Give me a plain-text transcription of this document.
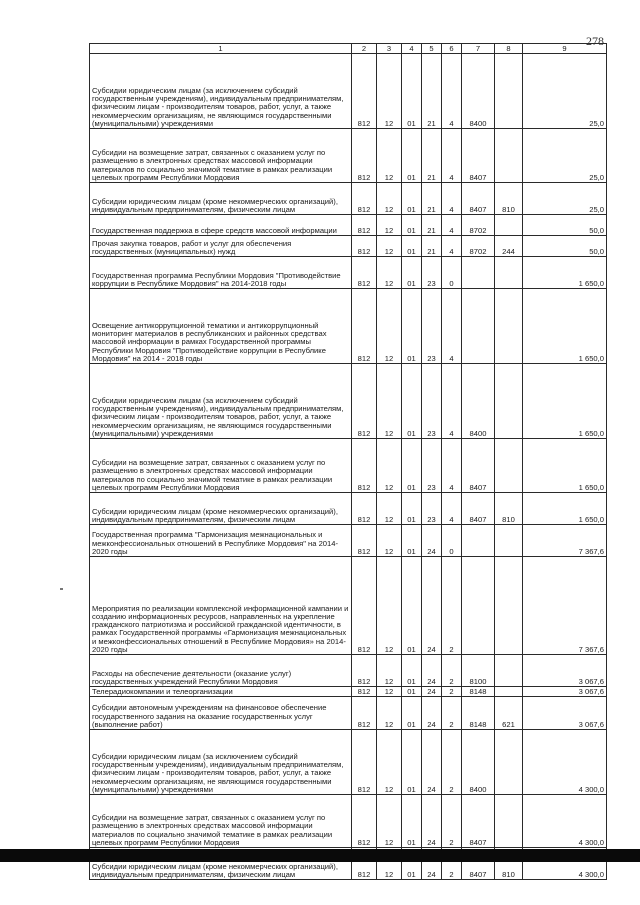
278
1	2	3	4	5	6	7	8	9
Субсидии юридическим лицам (за исключением субсидий государственным учреждениям), индивидуальным предпринимателям, физическим лицам - производителям товаров, работ, услуг, а также некоммерческим организациям, не являющимся государственными (муниципальными) учреждениями	812	12	01	21	4	8400		25,0
Субсидии на возмещение затрат, связанных с оказанием услуг по размещению в электронных средствах массовой информации материалов по социально значимой тематике в рамках реализации целевых программ Республики Мордовия	812	12	01	21	4	8407		25,0
Субсидии юридическим лицам (кроме некоммерческих организаций), индивидуальным предпринимателям, физическим лицам	812	12	01	21	4	8407	810	25,0
Государственная поддержка в сфере средств массовой информации	812	12	01	21	4	8702		50,0
Прочая закупка товаров, работ и услуг для обеспечения государственных (муниципальных) нужд	812	12	01	21	4	8702	244	50,0
Государственная программа Республики Мордовия "Противодействие коррупции в Республике Мордовия" на 2014-2018 годы	812	12	01	23	0			1 650,0
Освещение антикоррупционной тематики и антикоррупционный мониторинг материалов в республиканских и районных средствах массовой информации в рамках Государственной программы Республики Мордовия "Противодействие коррупции в Республике Мордовия" на 2014 - 2018 годы	812	12	01	23	4			1 650,0
Субсидии юридическим лицам (за исключением субсидий государственным учреждениям), индивидуальным предпринимателям, физическим лицам - производителям товаров, работ, услуг, а также некоммерческим организациям, не являющимся государственными (муниципальными) учреждениями	812	12	01	23	4	8400		1 650,0
Субсидии на возмещение затрат, связанных с оказанием услуг по размещению в электронных средствах массовой информации материалов по социально значимой тематике в рамках реализации целевых программ Республики Мордовия	812	12	01	23	4	8407		1 650,0
Субсидии юридическим лицам (кроме некоммерческих организаций), индивидуальным предпринимателям, физическим лицам	812	12	01	23	4	8407	810	1 650,0
Государственная программа "Гармонизация межнациональных и межконфессиональных отношений в Республике Мордовия" на 2014-2020 годы	812	12	01	24	0			7 367,6
Мероприятия по реализации комплексной информационной кампании и созданию информационных ресурсов, направленных на укрепление гражданского патриотизма и российской гражданской идентичности, в рамках Государственной программы «Гармонизация межнациональных и межконфессиональных отношений в Республике Мордовия» на 2014-2020 годы	812	12	01	24	2			7 367,6
Расходы на обеспечение деятельности (оказание услуг) государственных учреждений Республики Мордовия	812	12	01	24	2	8100		3 067,6
Телерадиокомпании и телеорганизации	812	12	01	24	2	8148		3 067,6
Субсидии автономным учреждениям на финансовое обеспечение государственного задания на оказание государственных услуг (выполнение работ)	812	12	01	24	2	8148	621	3 067,6
Субсидии юридическим лицам (за исключением субсидий государственным учреждениям), индивидуальным предпринимателям, физическим лицам - производителям товаров, работ, услуг, а также некоммерческим организациям, не являющимся государственными (муниципальными) учреждениями	812	12	01	24	2	8400		4 300,0
Субсидии на возмещение затрат, связанных с оказанием услуг по размещению в электронных средствах массовой информации материалов по социально значимой тематике в рамках реализации целевых программ Республики Мордовия	812	12	01	24	2	8407		4 300,0
Субсидии юридическим лицам (кроме некоммерческих организаций), индивидуальным предпринимателям, физическим лицам	812	12	01	24	2	8407	810	4 300,0
